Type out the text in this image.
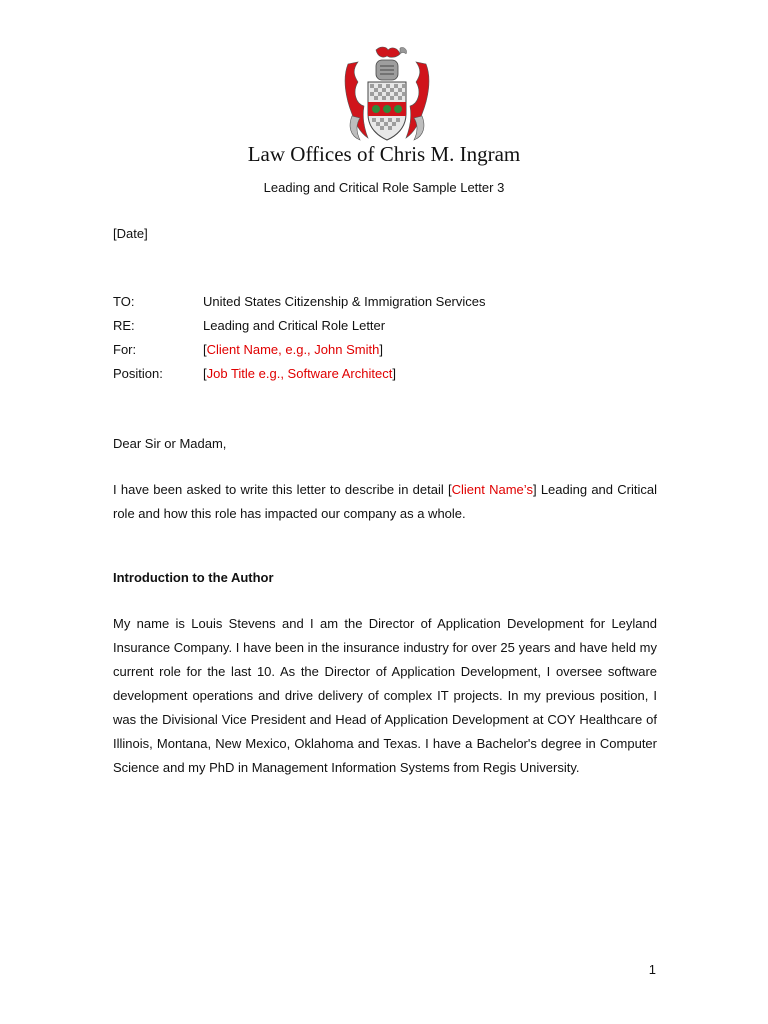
Law Offices of Chris M. Ingram
Leading and Critical Role Sample Letter 3
[Date]
TO:	United States Citizenship & Immigration Services
RE:	Leading and Critical Role Letter
For:	[Client Name, e.g., John Smith]
Position:	[Job Title e.g., Software Architect]
Dear Sir or Madam,
I have been asked to write this letter to describe in detail [Client Name’s] Leading and Critical role and how this role has impacted our company as a whole.
Introduction to the Author
My name is Louis Stevens and I am the Director of Application Development for Leyland Insurance Company. I have been in the insurance industry for over 25 years and have held my current role for the last 10. As the Director of Application Development, I oversee software development operations and drive delivery of complex IT projects. In my previous position, I was the Divisional Vice President and Head of Application Development at COY Healthcare of Illinois, Montana, New Mexico, Oklahoma and Texas. I have a Bachelor's degree in Computer Science and my PhD in Management Information Systems from Regis University.
1
